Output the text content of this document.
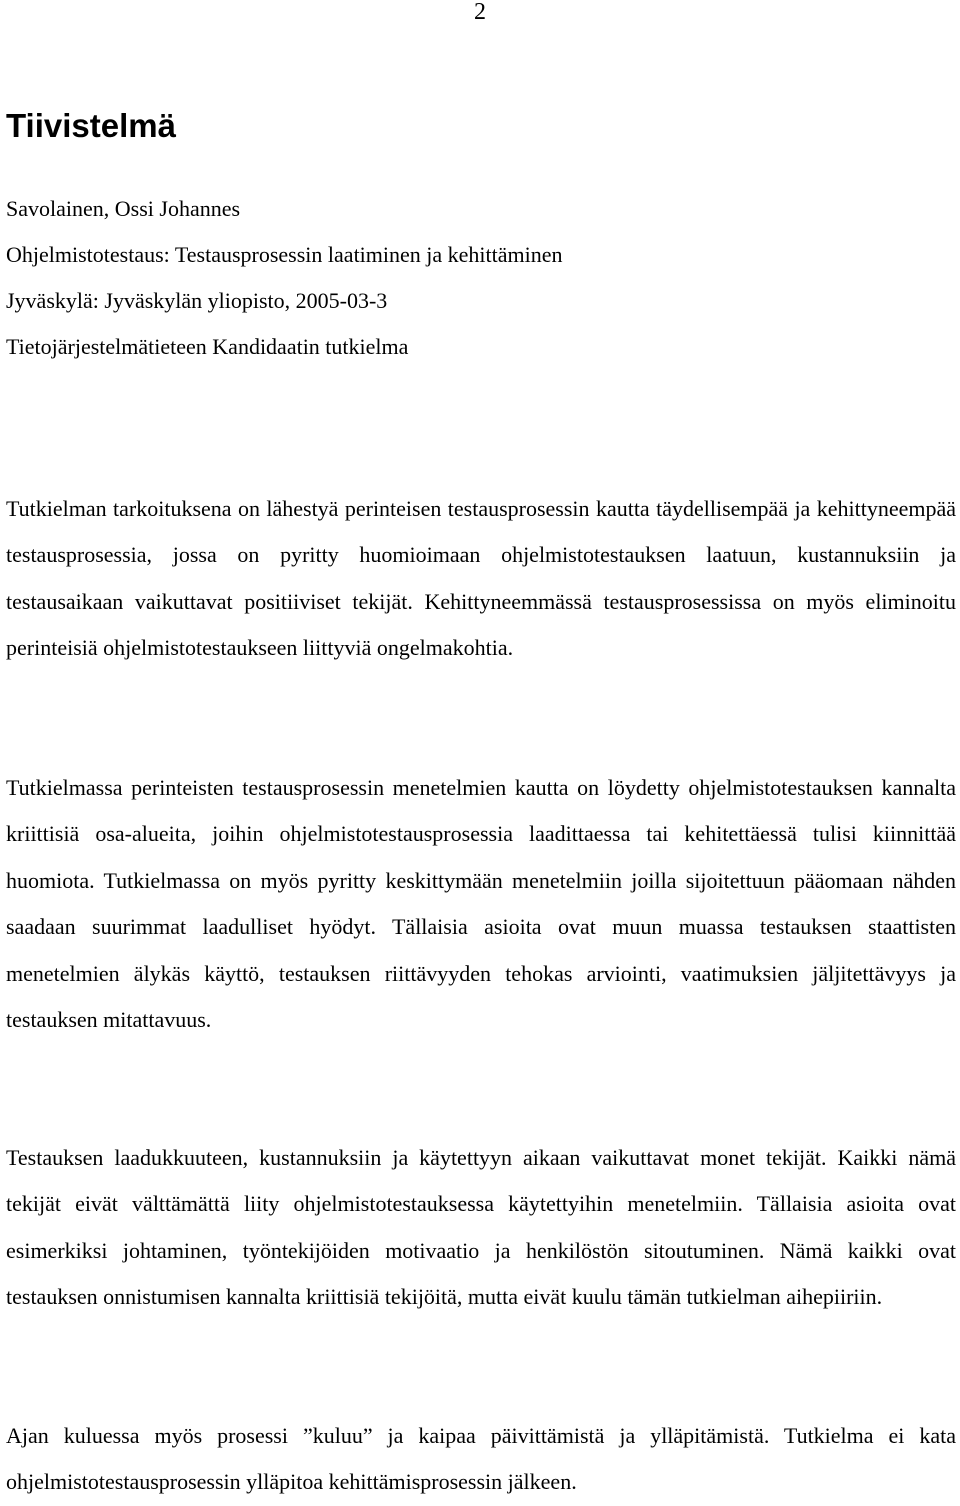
2
Tiivistelmä
Savolainen, Ossi Johannes
Ohjelmistotestaus: Testausprosessin laatiminen ja kehittäminen
Jyväskylä: Jyväskylän yliopisto, 2005-03-3
Tietojärjestelmätieteen Kandidaatin tutkielma

Tutkielman tarkoituksena on lähestyä perinteisen testausprosessin kautta täydellisempää ja kehittyneempää testausprosessia, jossa on pyritty huomioimaan ohjelmistotestauksen laatuun, kustannuksiin ja testausaikaan vaikuttavat positiiviset tekijät. Kehittyneemmässä testausprosessissa on myös eliminoitu perinteisiä ohjelmistotestaukseen liittyviä ongelmakohtia.

Tutkielmassa perinteisten testausprosessin menetelmien kautta on löydetty ohjelmistotestauksen kannalta kriittisiä osa-alueita, joihin ohjelmistotestausprosessia laadittaessa tai kehitettäessä tulisi kiinnittää huomiota. Tutkielmassa on myös pyritty keskittymään menetelmiin joilla sijoitettuun pääomaan nähden saadaan suurimmat laadulliset hyödyt. Tällaisia asioita ovat muun muassa testauksen staattisten menetelmien älykäs käyttö, testauksen riittävyyden tehokas arviointi, vaatimuksien jäljitettävyys ja testauksen mitattavuus.

Testauksen laadukkuuteen, kustannuksiin ja käytettyyn aikaan vaikuttavat monet tekijät. Kaikki nämä tekijät eivät välttämättä liity ohjelmistotestauksessa käytettyihin menetelmiin. Tällaisia asioita ovat esimerkiksi johtaminen, työntekijöiden motivaatio ja henkilöstön sitoutuminen. Nämä kaikki ovat testauksen onnistumisen kannalta kriittisiä tekijöitä, mutta eivät kuulu tämän tutkielman aihepiiriin.

Ajan kuluessa myös prosessi ”kuluu” ja kaipaa päivittämistä ja ylläpitämistä. Tutkielma ei kata ohjelmistotestausprosessin ylläpitoa kehittämisprosessin jälkeen.
